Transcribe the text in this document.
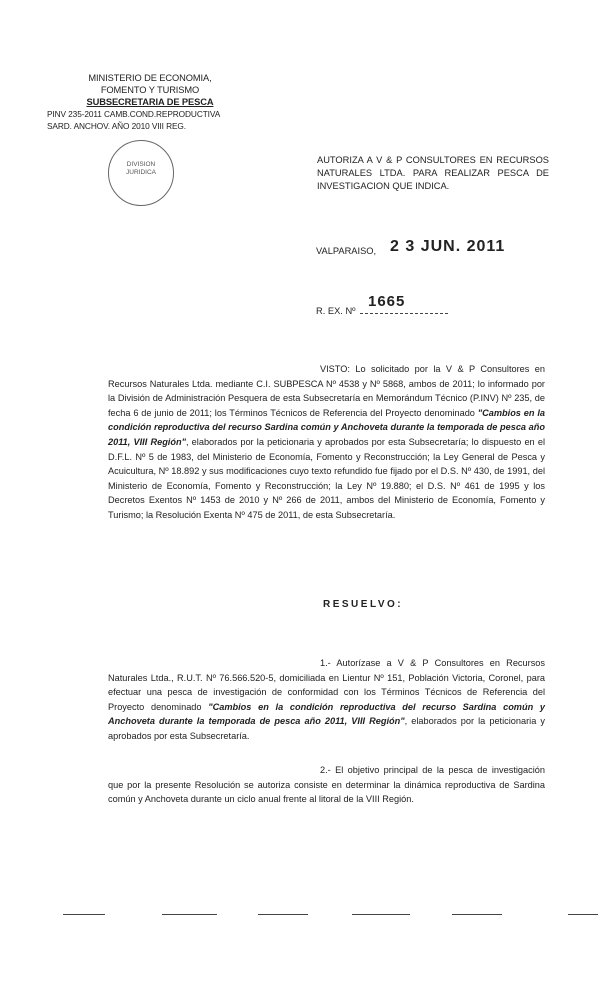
MINISTERIO DE ECONOMIA,
FOMENTO Y TURISMO
SUBSECRETARIA DE PESCA
PINV 235-2011 CAMB.COND.REPRODUCTIVA
SARD. ANCHOV. AÑO 2010 VIII REG.
DIVISION
JURIDICA
AUTORIZA A V & P CONSULTORES EN RECURSOS NATURALES LTDA. PARA REALIZAR PESCA DE INVESTIGACION QUE INDICA.
VALPARAISO, 2 3 JUN. 2011
1665
R. EX. Nº
VISTO: Lo solicitado por la V & P Consultores en Recursos Naturales Ltda. mediante C.I. SUBPESCA Nº 4538 y Nº 5868, ambos de 2011; lo informado por la División de Administración Pesquera de esta Subsecretaría en Memorándum Técnico (P.INV) Nº 235, de fecha 6 de junio de 2011; los Términos Técnicos de Referencia del Proyecto denominado "Cambios en la condición reproductiva del recurso Sardina común y Anchoveta durante la temporada de pesca año 2011, VIII Región", elaborados por la peticionaria y aprobados por esta Subsecretaría; lo dispuesto en el D.F.L. Nº 5 de 1983, del Ministerio de Economía, Fomento y Reconstrucción; la Ley General de Pesca y Acuicultura, Nº 18.892 y sus modificaciones cuyo texto refundido fue fijado por el D.S. Nº 430, de 1991, del Ministerio de Economía, Fomento y Reconstrucción; la Ley Nº 19.880; el D.S. Nº 461 de 1995 y los Decretos Exentos Nº 1453 de 2010 y Nº 266 de 2011, ambos del Ministerio de Economía, Fomento y Turismo; la Resolución Exenta Nº 475 de 2011, de esta Subsecretaría.
RESUELVO:
1.- Autorízase a V & P Consultores en Recursos Naturales Ltda., R.U.T. Nº 76.566.520-5, domiciliada en Lientur Nº 151, Población Victoria, Coronel, para efectuar una pesca de investigación de conformidad con los Términos Técnicos de Referencia del Proyecto denominado "Cambios en la condición reproductiva del recurso Sardina común y Anchoveta durante la temporada de pesca año 2011, VIII Región", elaborados por la peticionaria y aprobados por esta Subsecretaría.
2.- El objetivo principal de la pesca de investigación que por la presente Resolución se autoriza consiste en determinar la dinámica reproductiva de Sardina común y Anchoveta durante un ciclo anual frente al litoral de la VIII Región.
